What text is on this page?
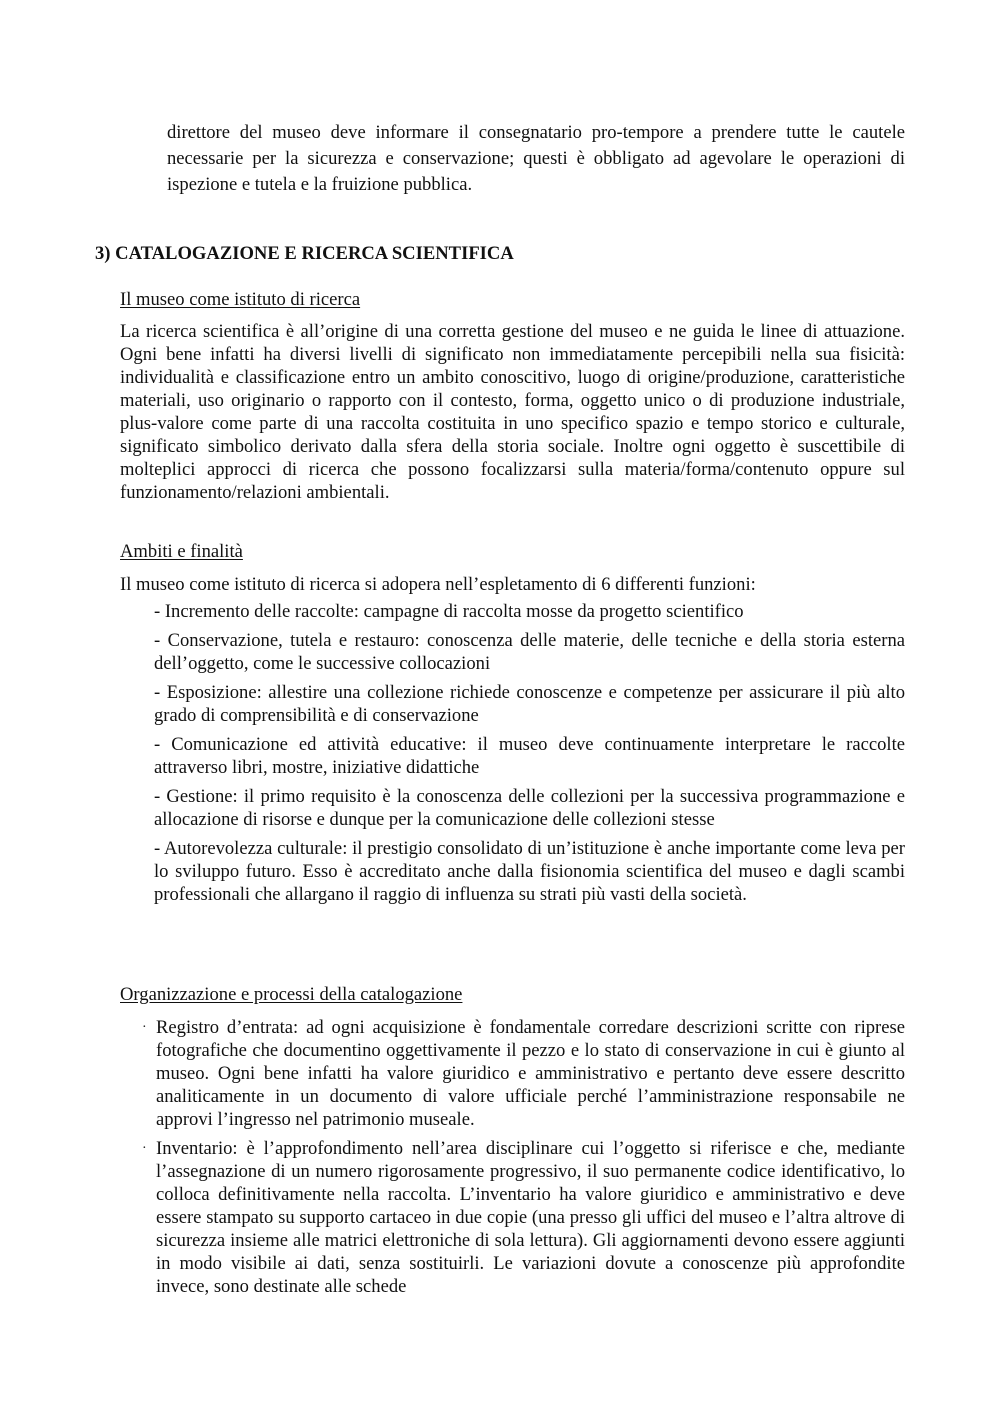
direttore del museo deve informare il consegnatario pro-tempore a prendere tutte le cautele necessarie per la sicurezza e conservazione; questi è obbligato ad agevolare le operazioni di ispezione e tutela e la fruizione pubblica.

3) CATALOGAZIONE E RICERCA SCIENTIFICA
Il museo come istituto di ricerca

La ricerca scientifica è all’origine di una corretta gestione del museo e ne guida le linee di attuazione. Ogni bene infatti ha diversi livelli di significato non immediatamente percepibili nella sua fisicità: individualità e classificazione entro un ambito conoscitivo, luogo di origine/produzione, caratteristiche materiali, uso originario o rapporto con il contesto, forma, oggetto unico o di produzione industriale, plus-valore come parte di una raccolta costituita in uno specifico spazio e tempo storico e culturale, significato simbolico derivato dalla sfera della storia sociale. Inoltre ogni oggetto è suscettibile di molteplici approcci di ricerca che possono focalizzarsi sulla materia/forma/contenuto oppure sul funzionamento/relazioni ambientali.

Ambiti e finalità

Il museo come istituto di ricerca si adopera nell’espletamento di 6 differenti funzioni:

- Incremento delle raccolte: campagne di raccolta mosse da progetto scientifico

- Conservazione, tutela e restauro: conoscenza delle materie, delle tecniche e della storia esterna dell’oggetto, come le successive collocazioni

- Esposizione: allestire una collezione richiede conoscenze e competenze per assicurare il più alto grado di comprensibilità e di conservazione

- Comunicazione ed attività educative: il museo deve continuamente interpretare le raccolte attraverso libri, mostre, iniziative didattiche

- Gestione: il primo requisito è la conoscenza delle collezioni per la successiva programmazione e allocazione di risorse e dunque per la comunicazione delle collezioni stesse

- Autorevolezza culturale: il prestigio consolidato di un’istituzione è anche importante come leva per lo sviluppo futuro. Esso è accreditato anche dalla fisionomia scientifica del museo e dagli scambi professionali che allargano il raggio di influenza su strati più vasti della società.

Organizzazione e processi della catalogazione
· Registro d’entrata: ad ogni acquisizione è fondamentale corredare descrizioni scritte con riprese fotografiche che documentino oggettivamente il pezzo e lo stato di conservazione in cui è giunto al museo. Ogni bene infatti ha valore giuridico e amministrativo e pertanto deve essere descritto analiticamente in un documento di valore ufficiale perché l’amministrazione responsabile ne approvi l’ingresso nel patrimonio museale.
· Inventario: è l’approfondimento nell’area disciplinare cui l’oggetto si riferisce e che, mediante l’assegnazione di un numero rigorosamente progressivo, il suo permanente codice identificativo, lo colloca definitivamente nella raccolta. L’inventario ha valore giuridico e amministrativo e deve essere stampato su supporto cartaceo in due copie (una presso gli uffici del museo e l’altra altrove di sicurezza insieme alle matrici elettroniche di sola lettura). Gli aggiornamenti devono essere aggiunti in modo visibile ai dati, senza sostituirli. Le variazioni dovute a conoscenze più approfondite invece, sono destinate alle schede
